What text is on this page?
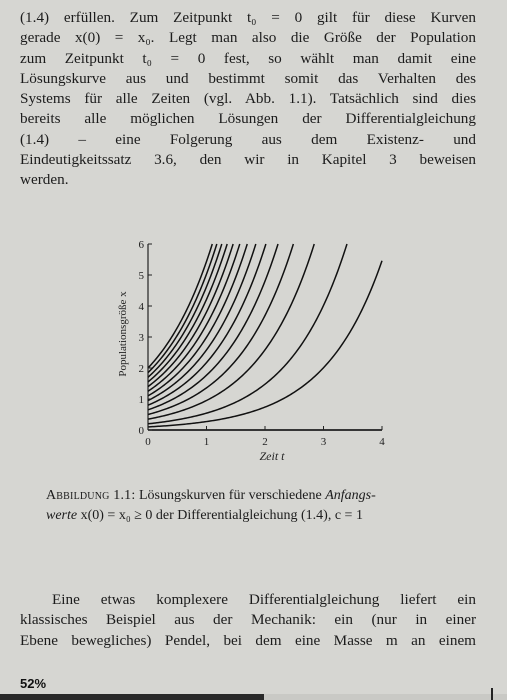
(1.4) erfüllen. Zum Zeitpunkt t₀ = 0 gilt für diese Kurven
gerade x(0) = x₀. Legt man also die Größe der Population
zum Zeitpunkt t₀ = 0 fest, so wählt man damit eine
Lösungskurve aus und bestimmt somit das Verhalten des
Systems für alle Zeiten (vgl. Abb. 1.1). Tatsächlich sind dies
bereits alle möglichen Lösungen der Differentialgleichung
(1.4) – eine Folgerung aus dem Existenz- und
Eindeutigkeitssatz 3.6, den wir in Kapitel 3 beweisen
werden.

0	1	2	3	4
0
1
2
3
4
5
6
Zeit t
Populationsgröße x
Abbildung 1.1: Lösungskurven für verschiedene Anfangs-
werte x(0) = x₀ ≥ 0 der Differentialgleichung (1.4), c = 1

Eine etwas komplexere Differentialgleichung liefert ein
klassisches Beispiel aus der Mechanik: ein (nur in einer
Ebene bewegliches) Pendel, bei dem eine Masse m an einem

52%
